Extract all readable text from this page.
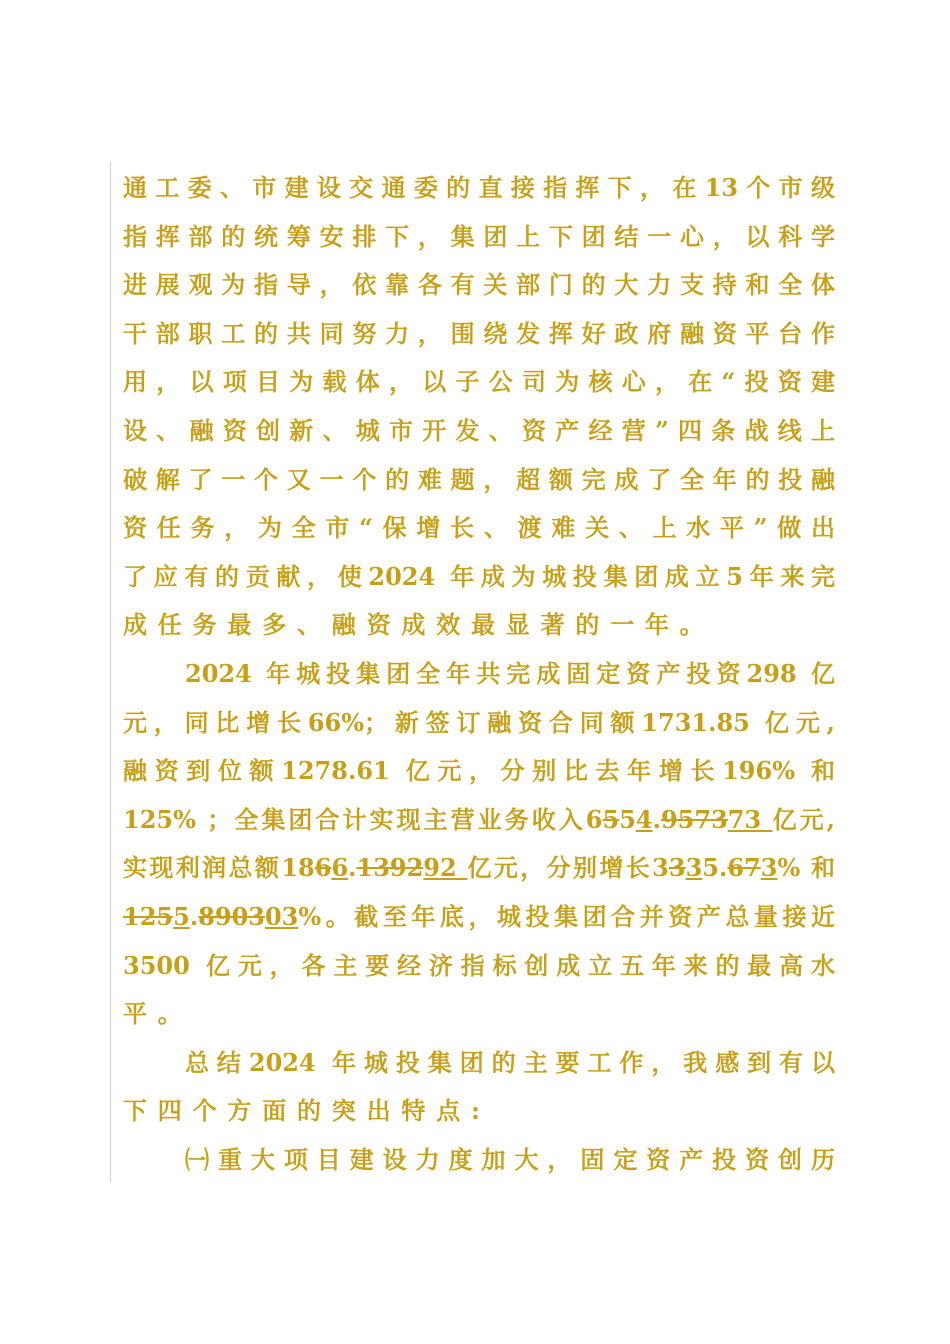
通工委、市建设交通委的直接指挥下，在13个市级
指挥部的统筹安排下，集团上下团结一心，以科学
进展观为指导，依靠各有关部门的大力支持和全体
干部职工的共同努力，围绕发挥好政府融资平台作
用，以项目为载体，以子公司为核心，在“投资建
设、融资创新、城市开发、资产经营”四条战线上
破解了一个又一个的难题，超额完成了全年的投融
资任务，为全市“保增长、渡难关、上水平”做出
了应有的贡献，使2024 年成为城投集团成立5年来完
成任务最多、融资成效最显著的一年。
2024 年城投集团全年共完成固定资产投资298 亿
元，同比增长66%；新签订融资合同额1731.85 亿元,
融资到位额1278.61 亿元，分别比去年增长196% 和
125% ；全集团合计实现主营业务收入6554.957373 亿元,
实现利润总额1866.139292 亿元，分别增长3335.673% 和
1255.890303%。截至年底，城投集团合并资产总量接近
3500 亿元，各主要经济指标创成立五年来的最高水
平。
总结2024 年城投集团的主要工作，我感到有以
下四个方面的突出特点:
㈠重大项目建设力度加大，固定资产投资创历
